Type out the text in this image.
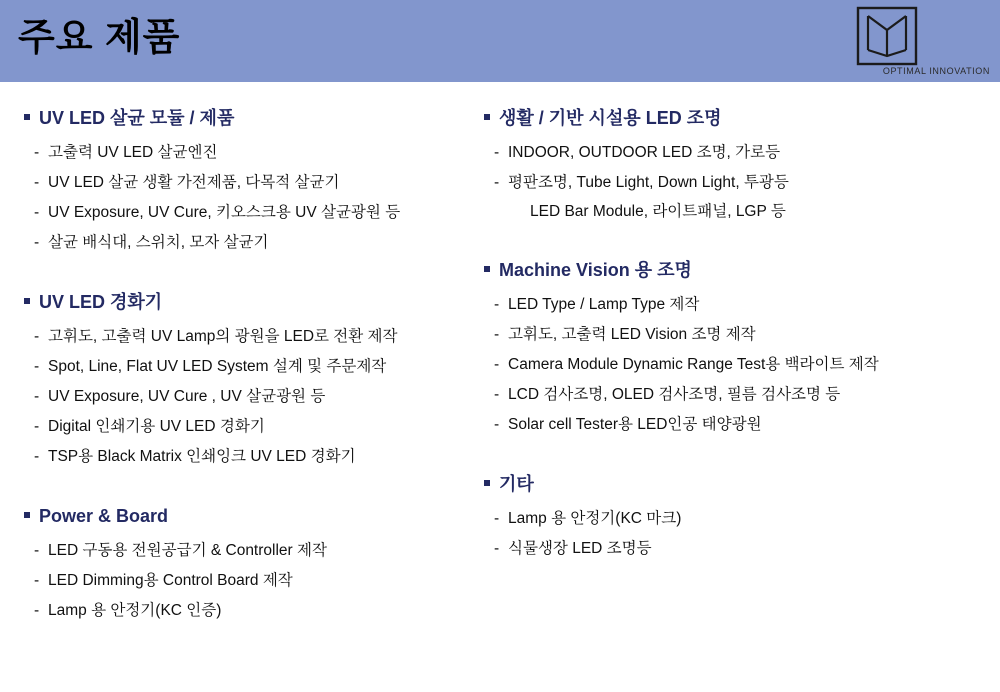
주요 제품
OPTIMAL INNOVATION
UV LED 살균 모듈 / 제품
- 고출력 UV LED 살균엔진
- UV LED 살균 생활 가전제품, 다목적 살균기
- UV Exposure, UV Cure, 키오스크용 UV 살균광원 등
- 살균 배식대, 스위치, 모자 살균기
UV LED 경화기
- 고휘도, 고출력 UV Lamp의 광원을 LED로 전환 제작
- Spot, Line, Flat UV LED System 설계 및 주문제작
- UV Exposure, UV Cure , UV 살균광원 등
- Digital 인쇄기용 UV LED 경화기
- TSP용 Black Matrix 인쇄잉크 UV LED 경화기
Power & Board
- LED 구동용 전원공급기 & Controller 제작
- LED Dimming용 Control Board 제작
- Lamp 용 안정기(KC 인증)
생활 / 기반 시설용 LED 조명
- INDOOR, OUTDOOR LED 조명, 가로등
- 평판조명, Tube Light, Down Light, 투광등
LED Bar Module, 라이트패널, LGP 등
Machine Vision 용 조명
- LED Type / Lamp Type 제작
- 고휘도, 고출력 LED Vision 조명 제작
- Camera Module Dynamic Range Test용 백라이트 제작
- LCD 검사조명, OLED 검사조명, 필름 검사조명 등
- Solar cell Tester용 LED인공 태양광원
기타
- Lamp 용 안정기(KC 마크)
- 식물생장 LED 조명등
